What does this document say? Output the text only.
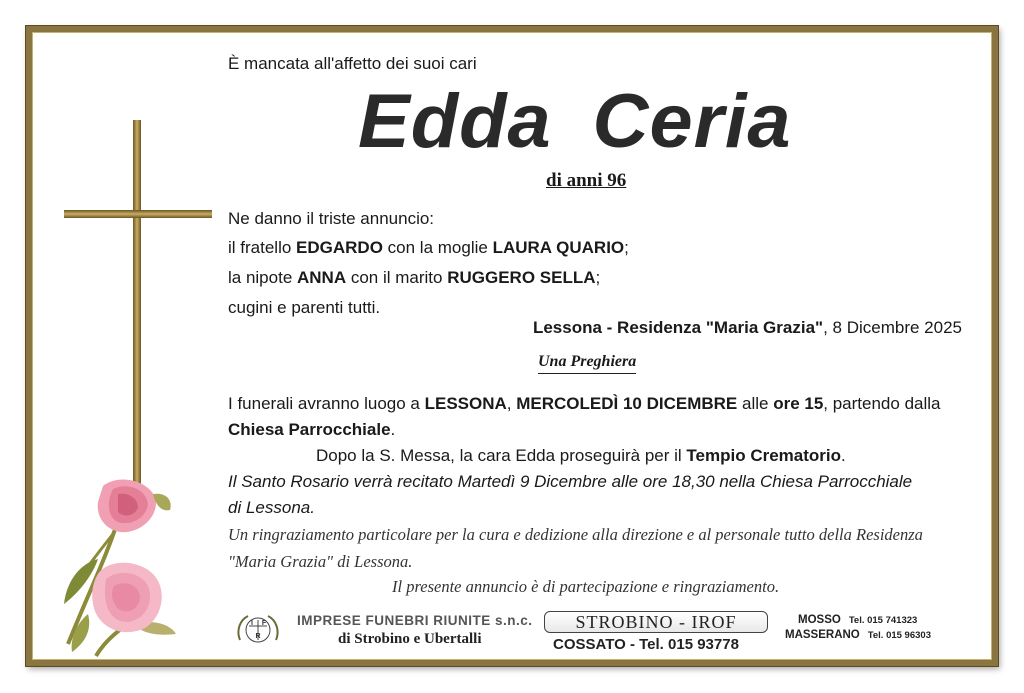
È mancata all'affetto dei suoi cari
Edda Ceria
di anni 96
Ne danno il triste annuncio:
il fratello EDGARDO con la moglie LAURA QUARIO;
la nipote ANNA con il marito RUGGERO SELLA;
cugini e parenti tutti.
Lessona - Residenza "Maria Grazia", 8 Dicembre 2025
Una Preghiera
I funerali avranno luogo a LESSONA, MERCOLEDÌ 10 DICEMBRE alle ore 15, partendo dalla
Chiesa Parrocchiale.
Dopo la S. Messa, la cara Edda proseguirà per il Tempio Crematorio.
Il Santo Rosario verrà recitato Martedì 9 Dicembre alle ore 18,30 nella Chiesa Parrocchiale
di Lessona.
Un ringraziamento particolare per la cura e dedizione alla direzione e al personale tutto della Residenza
"Maria Grazia" di Lessona.
Il presente annuncio è di partecipazione e ringraziamento.
I F
R
IMPRESE FUNEBRI RIUNITE s.n.c.
di Strobino e Ubertalli
STROBINO - IROF
COSSATO - Tel. 015 93778
MOSSO Tel. 015 741323
MASSERANO Tel. 015 96303
